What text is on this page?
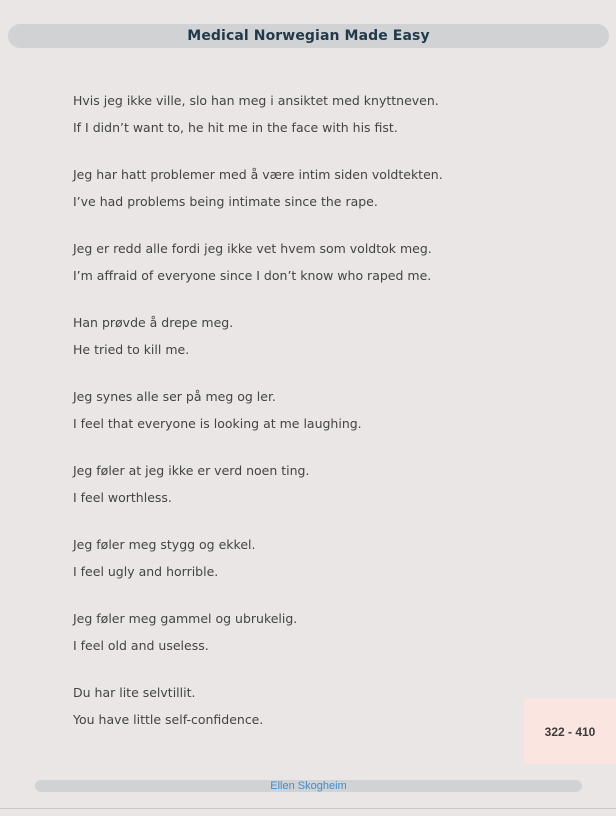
Medical Norwegian Made Easy
Hvis jeg ikke ville, slo han meg i ansiktet med knyttneven.
If I didn’t want to, he hit me in the face with his fist.
Jeg har hatt problemer med å være intim siden voldtekten.
I’ve had problems being intimate since the rape.
Jeg er redd alle fordi jeg ikke vet hvem som voldtok meg.
I’m affraid of everyone since I don’t know who raped me.
Han prøvde å drepe meg.
He tried to kill me.
Jeg synes alle ser på meg og ler.
I feel that everyone is looking at me laughing.
Jeg føler at jeg ikke er verd noen ting.
I feel worthless.
Jeg føler meg stygg og ekkel.
I feel ugly and horrible.
Jeg føler meg gammel og ubrukelig.
I feel old and useless.
Du har lite selvtillit.
You have little self-confidence.
322 - 410
Ellen Skogheim
